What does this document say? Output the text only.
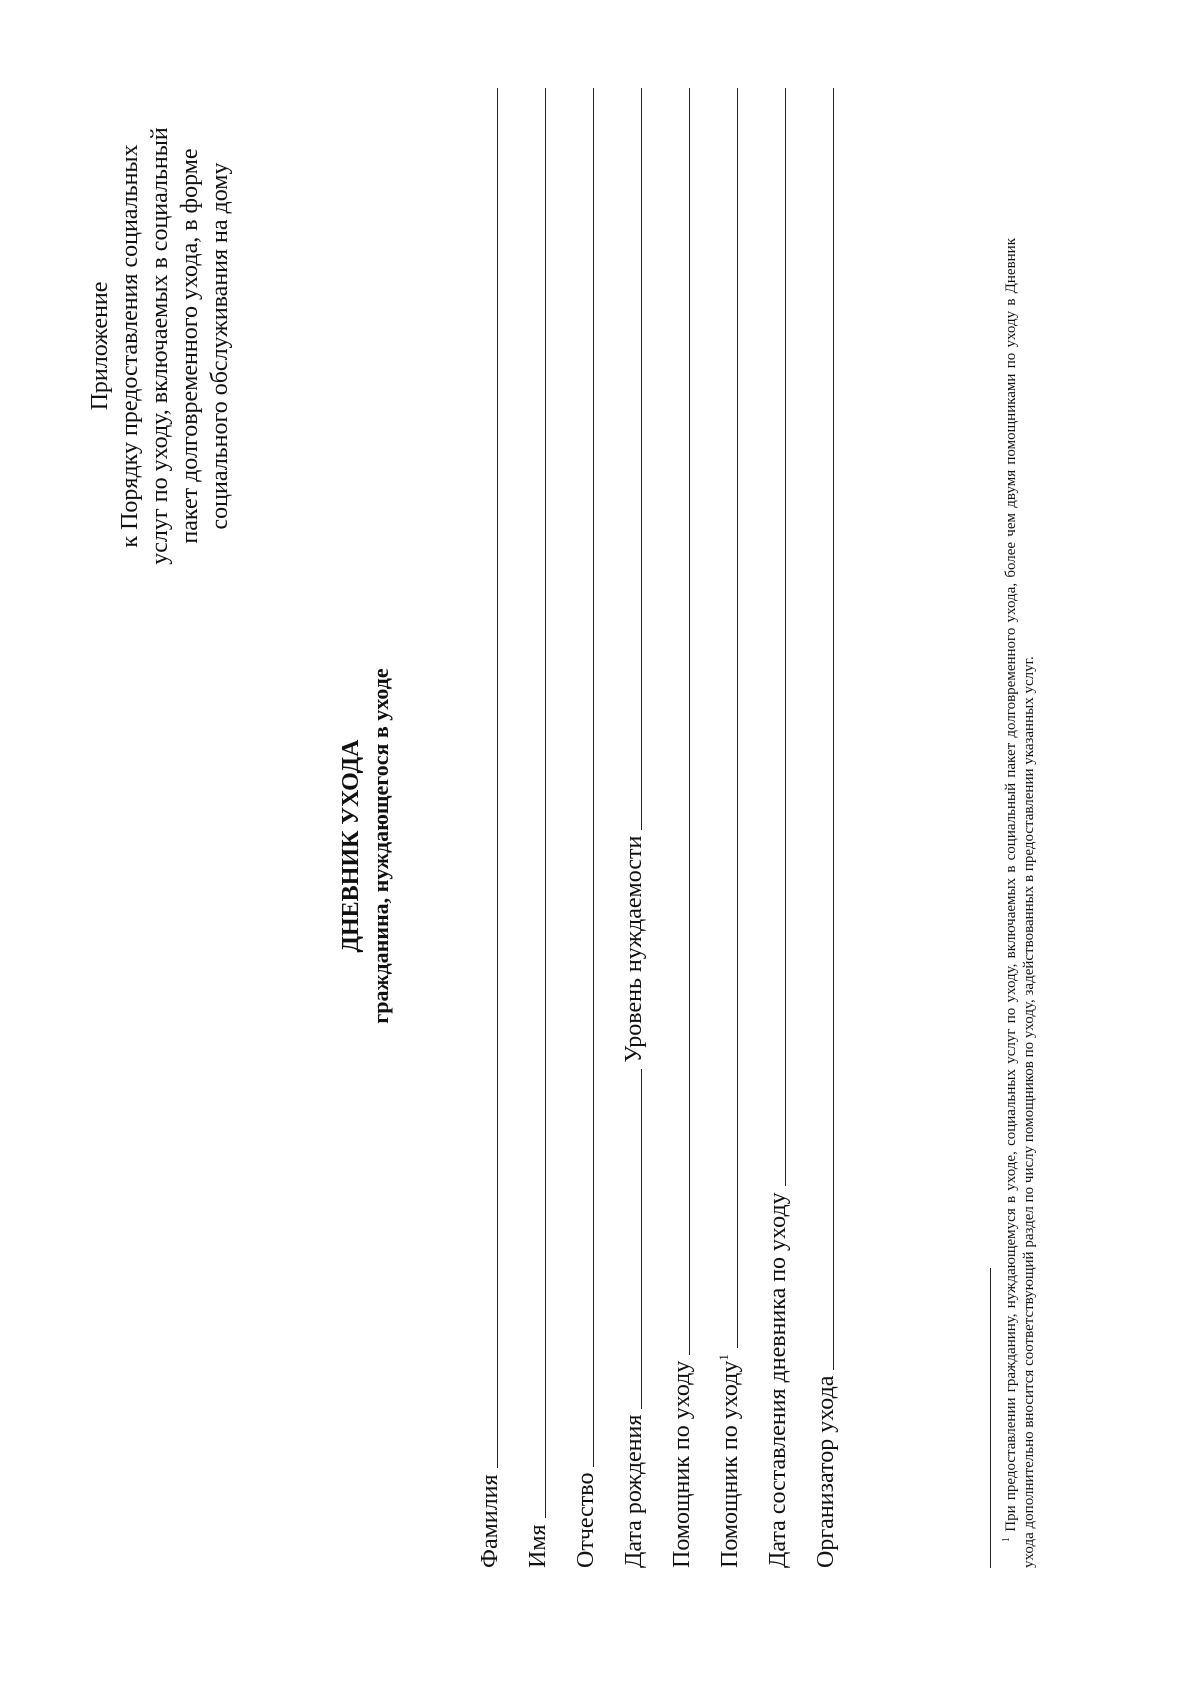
Приложение к Порядку предоставления социальных услуг по уходу, включаемых в социальный пакет долговременного ухода, в форме социального обслуживания на дому
ДНЕВНИК УХОДА гражданина, нуждающегося в уходе
Фамилия Имя Отчество Дата рождения
Уровень нуждаемости
Помощник по уходу Помощник по уходу$^1$	Дата составления дневника по уходу Организатор ухода	$^1$ При предоставлении гражданину, нуждающемуся в уходе, социальных услуг по уходу, включаемых в социальный пакет долговременного ухода, более чем двумя помощниками по уходу в Дневник ухода дополнительно вносится соответствующий раздел по числу помощников по уходу, задействованных в предоставлении указанных услуг.
